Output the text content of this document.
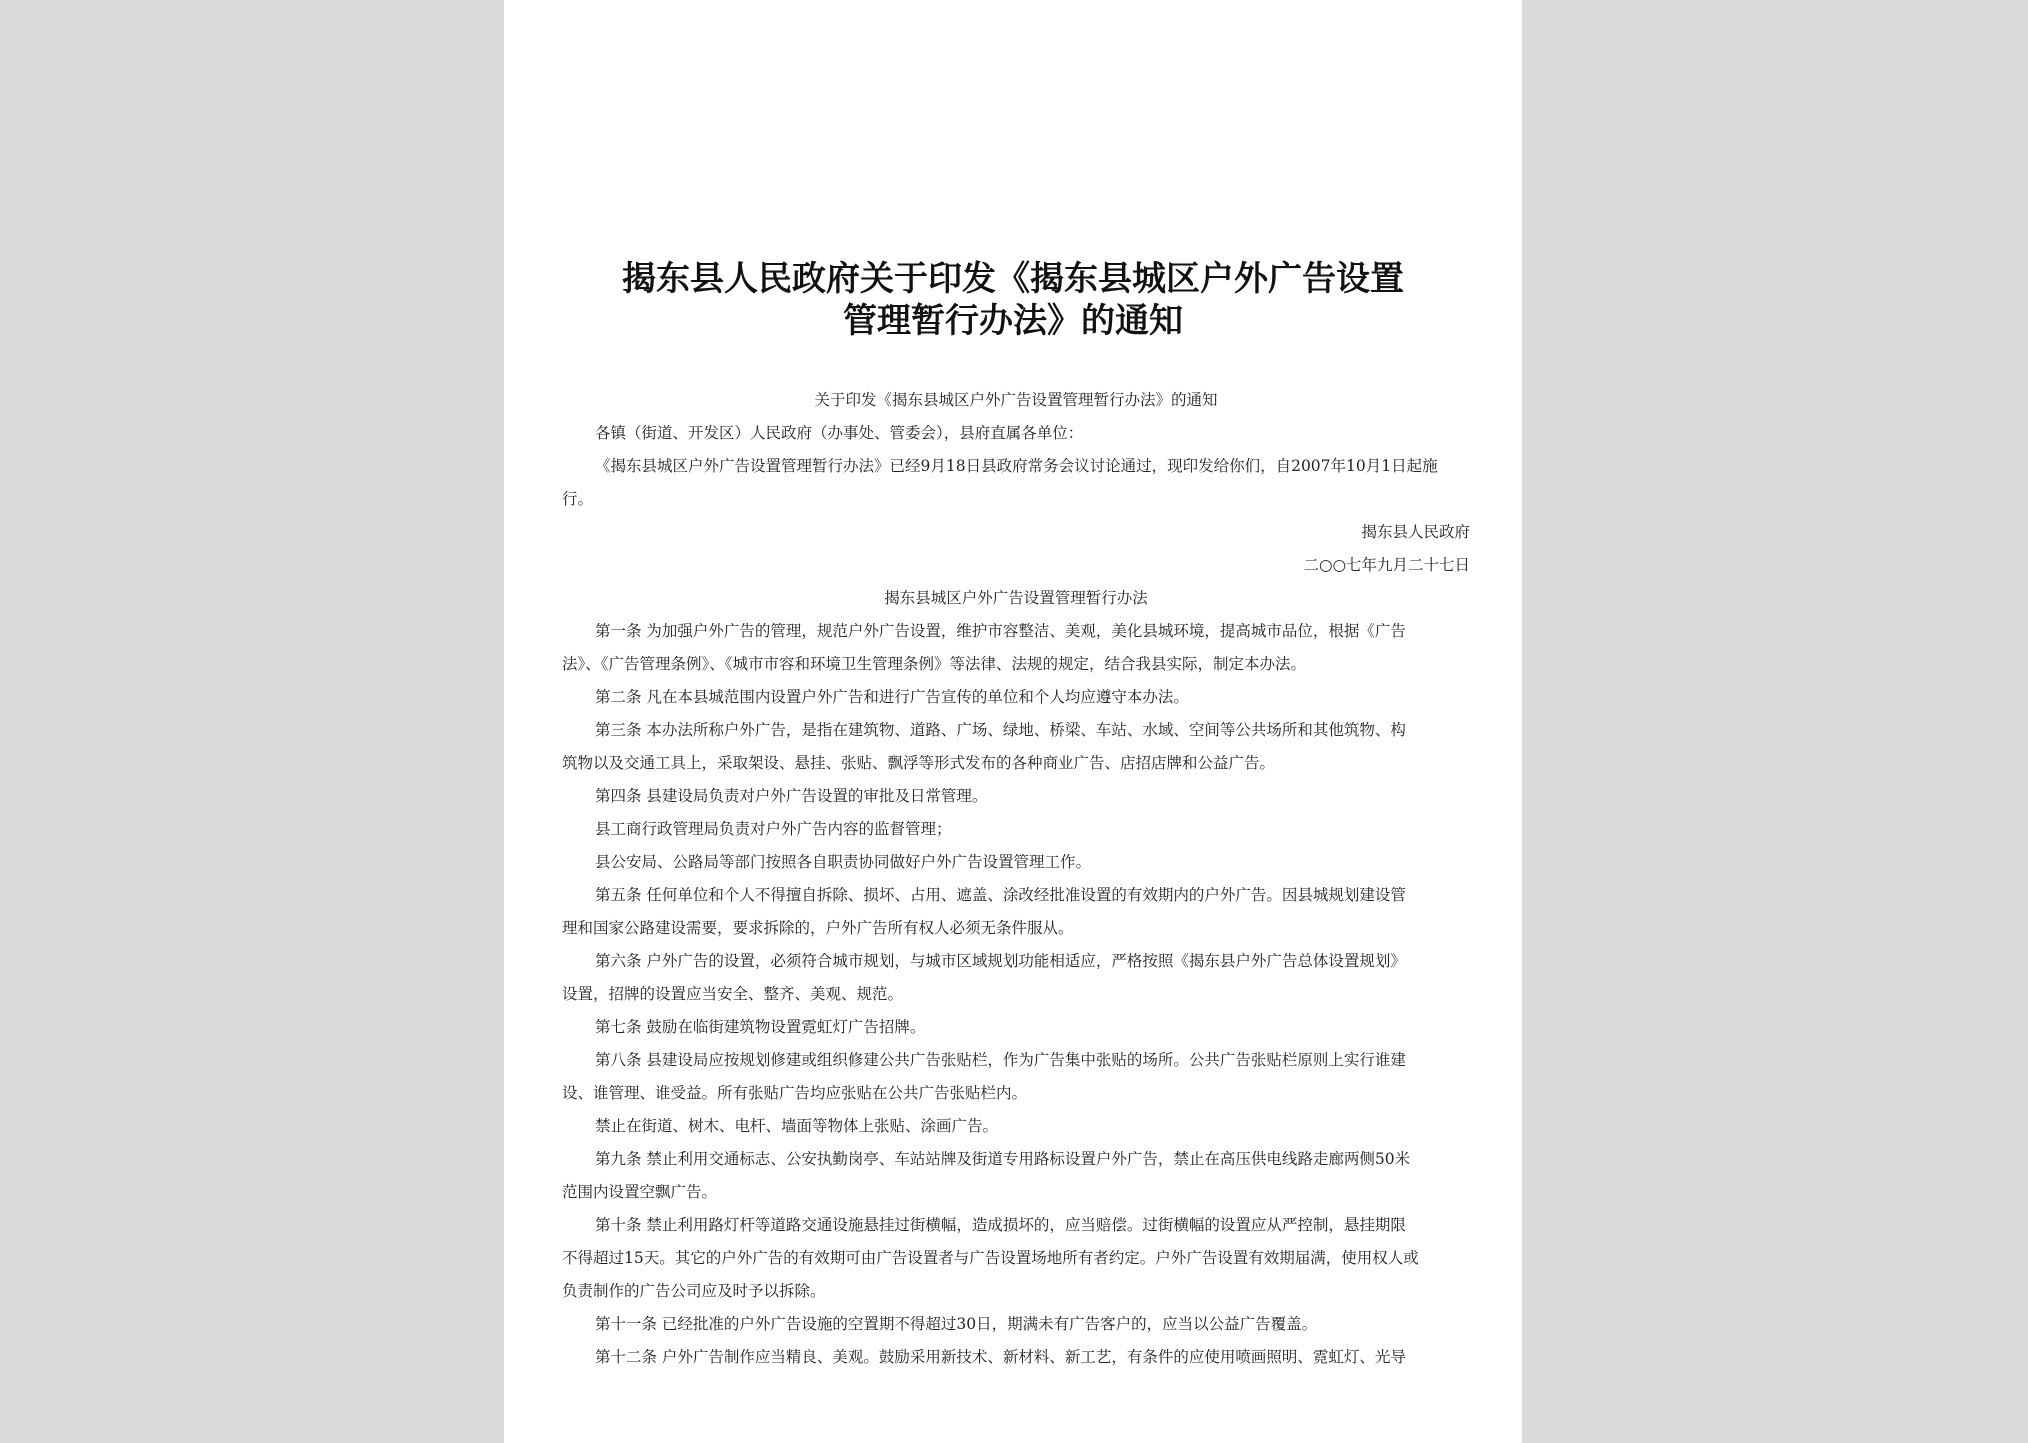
揭东县人民政府关于印发《揭东县城区户外广告设置
管理暂行办法》的通知

关于印发《揭东县城区户外广告设置管理暂行办法》的通知

各镇（街道、开发区）人民政府（办事处、管委会），县府直属各单位：

《揭东县城区户外广告设置管理暂行办法》已经9月18日县政府常务会议讨论通过，现印发给你们，自2007年10月1日起施

行。

揭东县人民政府

二○○七年九月二十七日

揭东县城区户外广告设置管理暂行办法

第一条 为加强户外广告的管理，规范户外广告设置，维护市容整洁、美观，美化县城环境，提高城市品位，根据《广告

法》、《广告管理条例》、《城市市容和环境卫生管理条例》等法律、法规的规定，结合我县实际，制定本办法。

第二条 凡在本县城范围内设置户外广告和进行广告宣传的单位和个人均应遵守本办法。

第三条 本办法所称户外广告，是指在建筑物、道路、广场、绿地、桥梁、车站、水域、空间等公共场所和其他筑物、构

筑物以及交通工具上，采取架设、悬挂、张贴、飘浮等形式发布的各种商业广告、店招店牌和公益广告。

第四条 县建设局负责对户外广告设置的审批及日常管理。

县工商行政管理局负责对户外广告内容的监督管理；

县公安局、公路局等部门按照各自职责协同做好户外广告设置管理工作。

第五条 任何单位和个人不得擅自拆除、损坏、占用、遮盖、涂改经批准设置的有效期内的户外广告。因县城规划建设管

理和国家公路建设需要，要求拆除的，户外广告所有权人必须无条件服从。

第六条 户外广告的设置，必须符合城市规划，与城市区域规划功能相适应，严格按照《揭东县户外广告总体设置规划》

设置，招牌的设置应当安全、整齐、美观、规范。

第七条 鼓励在临街建筑物设置霓虹灯广告招牌。

第八条 县建设局应按规划修建或组织修建公共广告张贴栏，作为广告集中张贴的场所。公共广告张贴栏原则上实行谁建

设、谁管理、谁受益。所有张贴广告均应张贴在公共广告张贴栏内。

禁止在街道、树木、电杆、墙面等物体上张贴、涂画广告。

第九条 禁止利用交通标志、公安执勤岗亭、车站站牌及街道专用路标设置户外广告，禁止在高压供电线路走廊两侧50米

范围内设置空飘广告。

第十条 禁止利用路灯杆等道路交通设施悬挂过街横幅，造成损坏的，应当赔偿。过街横幅的设置应从严控制，悬挂期限

不得超过15天。其它的户外广告的有效期可由广告设置者与广告设置场地所有者约定。户外广告设置有效期届满，使用权人或

负责制作的广告公司应及时予以拆除。

第十一条 已经批准的户外广告设施的空置期不得超过30日，期满未有广告客户的，应当以公益广告覆盖。

第十二条 户外广告制作应当精良、美观。鼓励采用新技术、新材料、新工艺，有条件的应使用喷画照明、霓虹灯、光导
